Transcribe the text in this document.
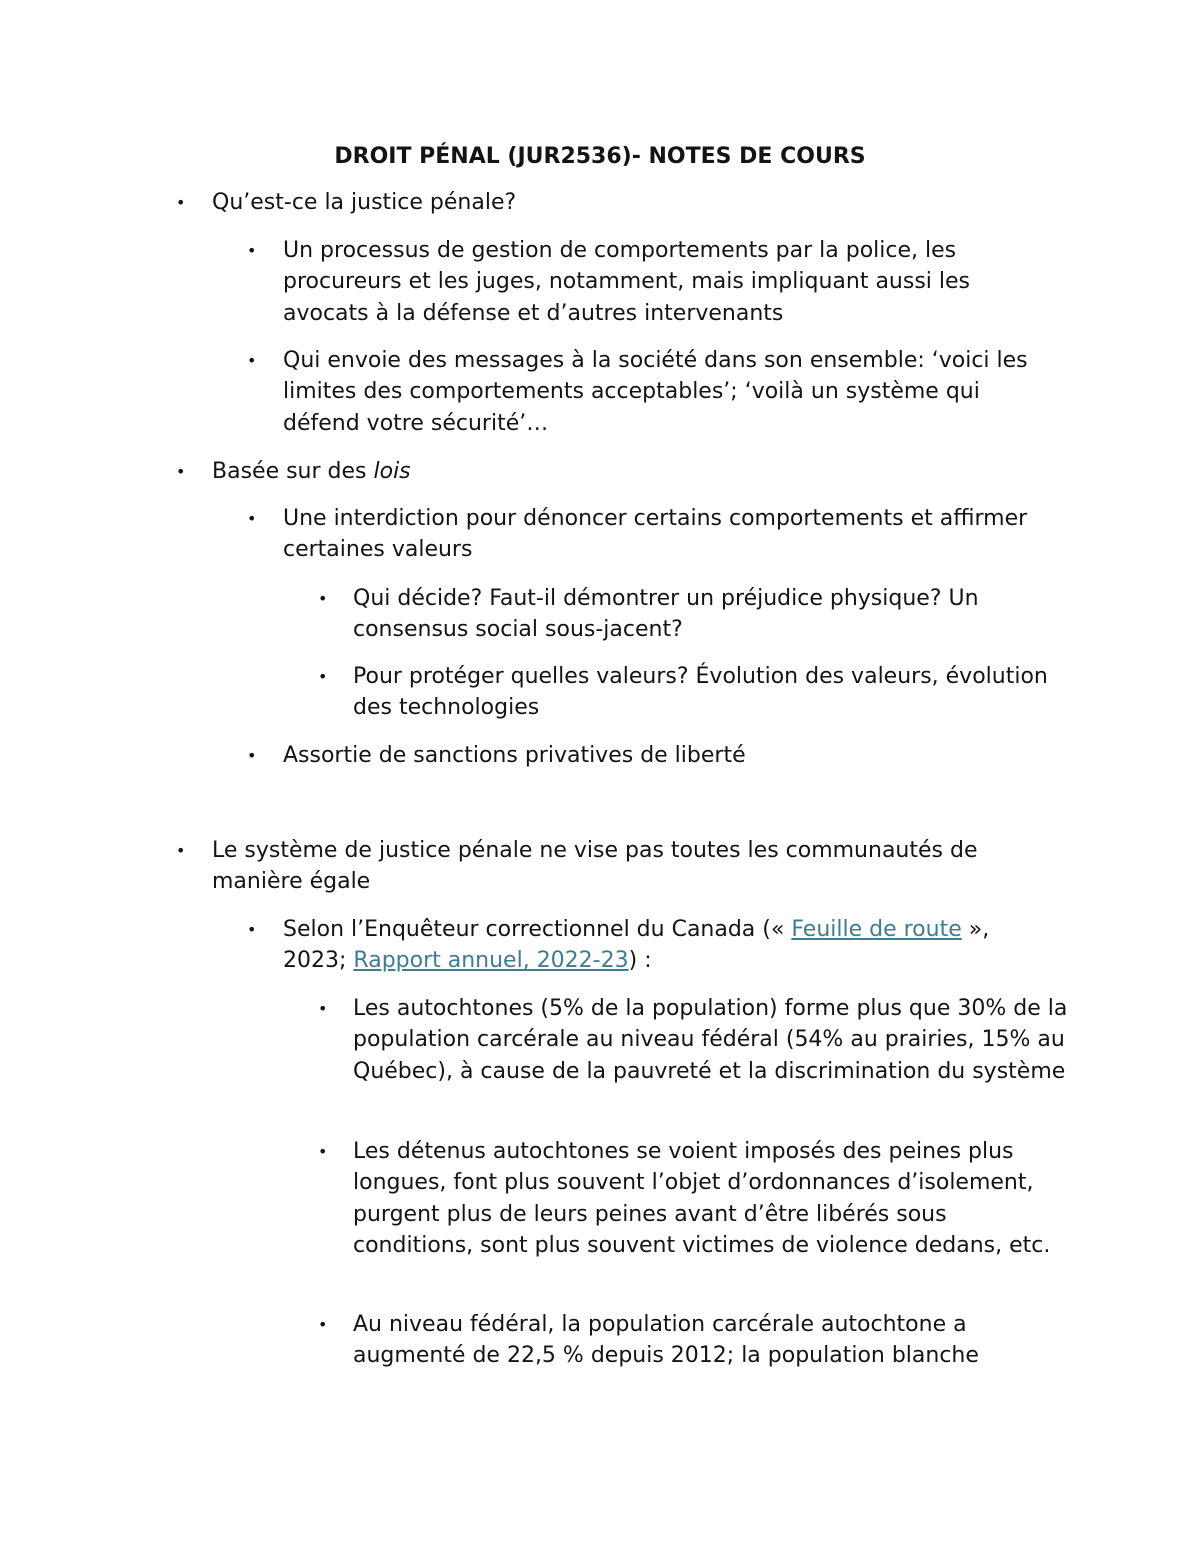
DROIT PÉNAL (JUR2536)- NOTES DE COURS

• Qu’est-ce la justice pénale?

• Un processus de gestion de comportements par la police, les procureurs et les juges, notamment, mais impliquant aussi les avocats à la défense et d’autres intervenants

• Qui envoie des messages à la société dans son ensemble: ‘voici les limites des comportements acceptables’; ‘voilà un système qui défend votre sécurité’…

• Basée sur des lois

• Une interdiction pour dénoncer certains comportements et affirmer certaines valeurs

• Qui décide? Faut-il démontrer un préjudice physique? Un consensus social sous-jacent?

• Pour protéger quelles valeurs? Évolution des valeurs, évolution des technologies

• Assortie de sanctions privatives de liberté

• Le système de justice pénale ne vise pas toutes les communautés de manière égale

• Selon l’Enquêteur correctionnel du Canada (« Feuille de route », 2023; Rapport annuel, 2022-23) :

• Les autochtones (5% de la population) forme plus que 30% de la population carcérale au niveau fédéral (54% au prairies, 15% au Québec), à cause de la pauvreté et la discrimination du système

• Les détenus autochtones se voient imposés des peines plus longues, font plus souvent l’objet d’ordonnances d’isolement, purgent plus de leurs peines avant d’être libérés sous conditions, sont plus souvent victimes de violence dedans, etc.

• Au niveau fédéral, la population carcérale autochtone a augmenté de 22,5 % depuis 2012; la population blanche
